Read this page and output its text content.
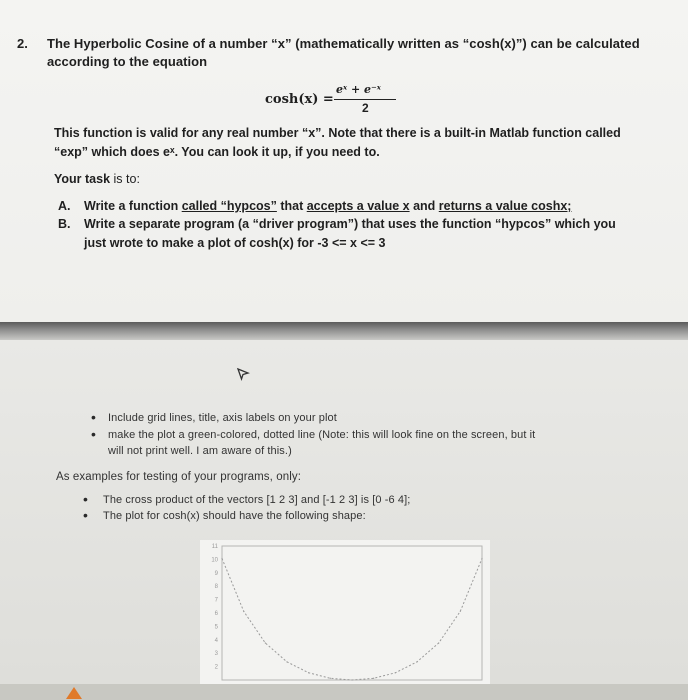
2. The Hyperbolic Cosine of a number “x” (mathematically written as “cosh(x)”) can be calculated
according to the equation
cosh(x) =
eˣ + e⁻ˣ
2
This function is valid for any real number “x”. Note that there is a built-in Matlab function called
“exp” which does eˣ. You can look it up, if you need to.
Your task is to:
A. Write a function called “hypcos” that accepts a value x and returns a value coshx;
B. Write a separate program (a “driver program”) that uses the function “hypcos” which you
just wrote to make a plot of cosh(x) for -3 <= x <= 3
• Include grid lines, title, axis labels on your plot
• make the plot a green-colored, dotted line (Note: this will look fine on the screen, but it
will not print well. I am aware of this.)
As examples for testing of your programs, only:
• The cross product of the vectors [1 2 3] and [-1 2 3] is [0 -6 4];
• The plot for cosh(x) should have the following shape:
11
10
9
8
7
6
5
4
3
2
